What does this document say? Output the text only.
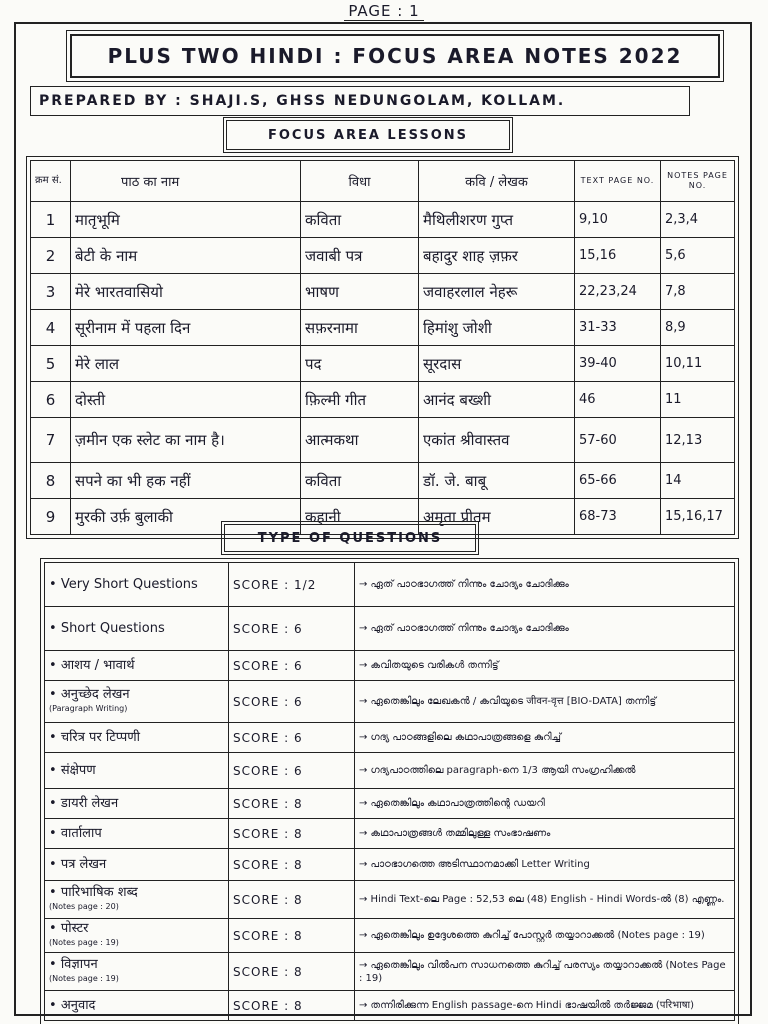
PAGE : 1
PLUS TWO HINDI : FOCUS AREA NOTES 2022
PREPARED BY : SHAJI.S, GHSS NEDUNGOLAM, KOLLAM.
FOCUS AREA LESSONS
क्रम सं.	पाठ का नाम	विधा	कवि / लेखक	TEXT PAGE NO.	NOTES PAGE NO.
1	मातृभूमि	कविता	मैथिलीशरण गुप्त	9,10	2,3,4
2	बेटी के नाम	जवाबी पत्र	बहादुर शाह ज़फ़र	15,16	5,6
3	मेरे भारतवासियो	भाषण	जवाहरलाल नेहरू	22,23,24	7,8
4	सूरीनाम में पहला दिन	सफ़रनामा	हिमांशु जोशी	31-33	8,9
5	मेरे लाल	पद	सूरदास	39-40	10,11
6	दोस्ती	फ़िल्मी गीत	आनंद बख्शी	46	11
7	ज़मीन एक स्लेट का नाम है।	आत्मकथा	एकांत श्रीवास्तव	57-60	12,13
8	सपने का भी हक नहीं	कविता	डॉ. जे. बाबू	65-66	14
9	मुरकी उर्फ़ बुलाकी	कहानी	अमृता प्रीतम	68-73	15,16,17
TYPE OF QUESTIONS
• Very Short Questions	SCORE : 1/2	→ ഏത് പാഠഭാഗത്ത് നിന്നും ചോദ്യം ചോദിക്കും
• Short Questions	SCORE : 6	→ ഏത് പാഠഭാഗത്ത് നിന്നും ചോദ്യം ചോദിക്കും
• आशय / भावार्थ	SCORE : 6	→ കവിതയുടെ വരികൾ തന്നിട്ട്
• अनुच्छेद लेखन
(Paragraph Writing)	SCORE : 6	→ ഏതെങ്കിലും ലേഖകൻ / കവിയുടെ जीवन-वृत्त [BIO-DATA] തന്നിട്ട്
• चरित्र पर टिप्पणी	SCORE : 6	→ ഗദ്യ പാഠങ്ങളിലെ കഥാപാത്രങ്ങളെ കുറിച്ച്
• संक्षेपण	SCORE : 6	→ ഗദ്യപാഠത്തിലെ paragraph-നെ 1/3 ആയി സംഗ്രഹിക്കൽ
• डायरी लेखन	SCORE : 8	→ ഏതെങ്കിലും കഥാപാത്രത്തിന്റെ ഡയറി
• वार्तालाप	SCORE : 8	→ കഥാപാത്രങ്ങൾ തമ്മിലുള്ള സംഭാഷണം
• पत्र लेखन	SCORE : 8	→ പാഠഭാഗത്തെ അടിസ്ഥാനമാക്കി Letter Writing
• पारिभाषिक शब्द
(Notes page : 20)	SCORE : 8	→ Hindi Text-ലെ Page : 52,53 ലെ (48) English - Hindi Words-ൽ (8) എണ്ണം.
• पोस्टर
(Notes page : 19)	SCORE : 8	→ ഏതെങ്കിലും ഉദ്ദേശത്തെ കുറിച്ച് പോസ്റ്റർ തയ്യാറാക്കൽ (Notes page : 19)
• विज्ञापन
(Notes page : 19)	SCORE : 8	→ ഏതെങ്കിലും വിൽപന സാധനത്തെ കുറിച്ച് പരസ്യം തയ്യാറാക്കൽ (Notes Page : 19)
• अनुवाद	SCORE : 8	→ തന്നിരിക്കുന്ന English passage-നെ Hindi ഭാഷയിൽ തർജ്ജമ (परिभाषा)
